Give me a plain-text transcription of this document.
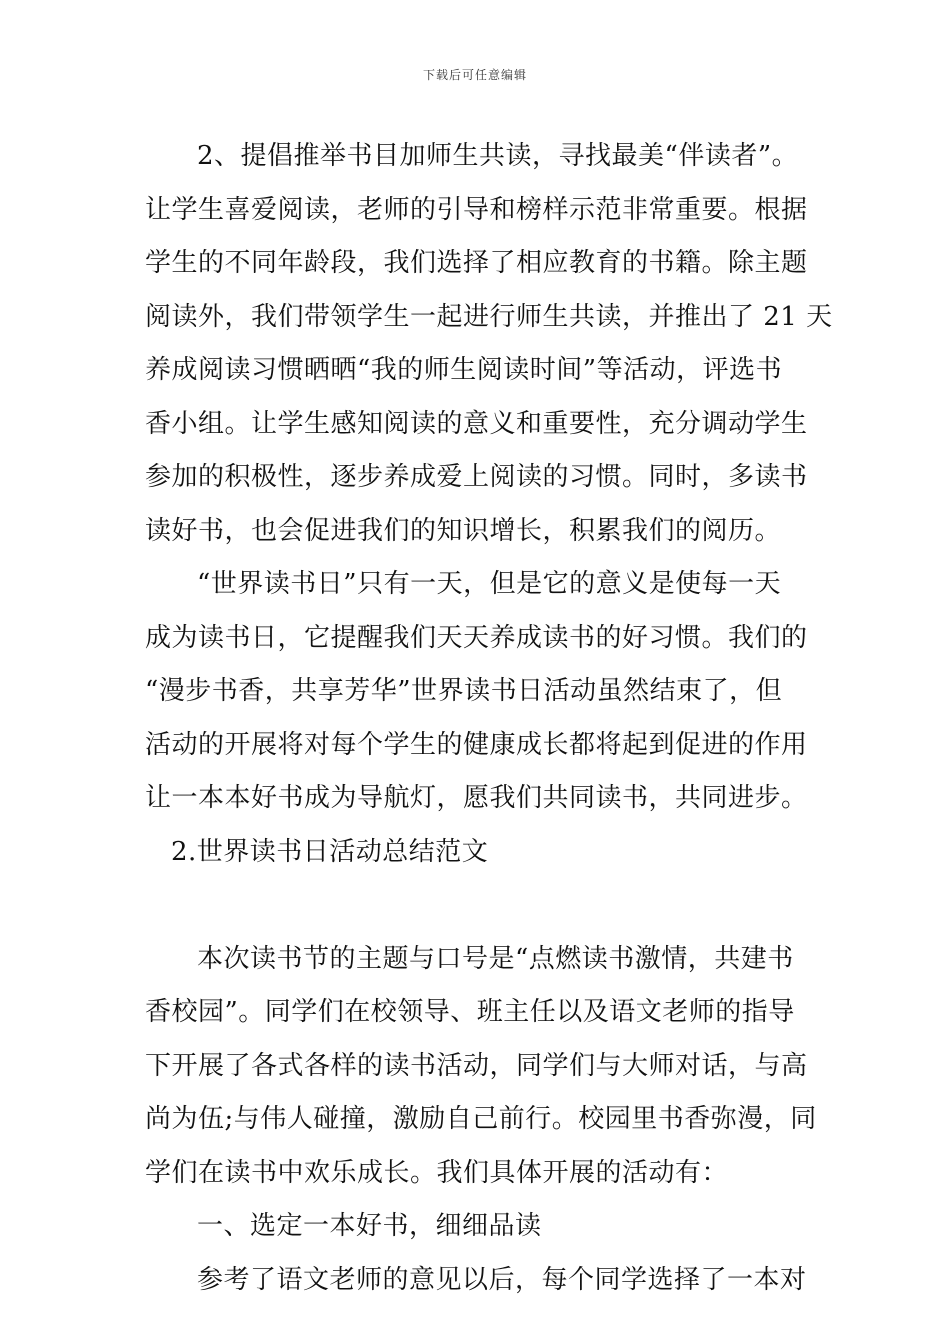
下载后可任意编辑
2、提倡推举书目加师生共读，寻找最美“伴读者”。
让学生喜爱阅读，老师的引导和榜样示范非常重要。根据
学生的不同年龄段，我们选择了相应教育的书籍。除主题
阅读外，我们带领学生一起进行师生共读，并推出了 21 天
养成阅读习惯晒晒“我的师生阅读时间”等活动，评选书
香小组。让学生感知阅读的意义和重要性，充分调动学生
参加的积极性，逐步养成爱上阅读的习惯。同时，多读书
读好书，也会促进我们的知识增长，积累我们的阅历。
“世界读书日”只有一天，但是它的意义是使每一天
成为读书日，它提醒我们天天养成读书的好习惯。我们的
“漫步书香，共享芳华”世界读书日活动虽然结束了，但
活动的开展将对每个学生的健康成长都将起到促进的作用
让一本本好书成为导航灯，愿我们共同读书，共同进步。
2.世界读书日活动总结范文
本次读书节的主题与口号是“点燃读书激情，共建书
香校园”。同学们在校领导、班主任以及语文老师的指导
下开展了各式各样的读书活动，同学们与大师对话，与高
尚为伍;与伟人碰撞，激励自己前行。校园里书香弥漫，同
学们在读书中欢乐成长。我们具体开展的活动有：
一、选定一本好书，细细品读
参考了语文老师的意见以后，每个同学选择了一本对
